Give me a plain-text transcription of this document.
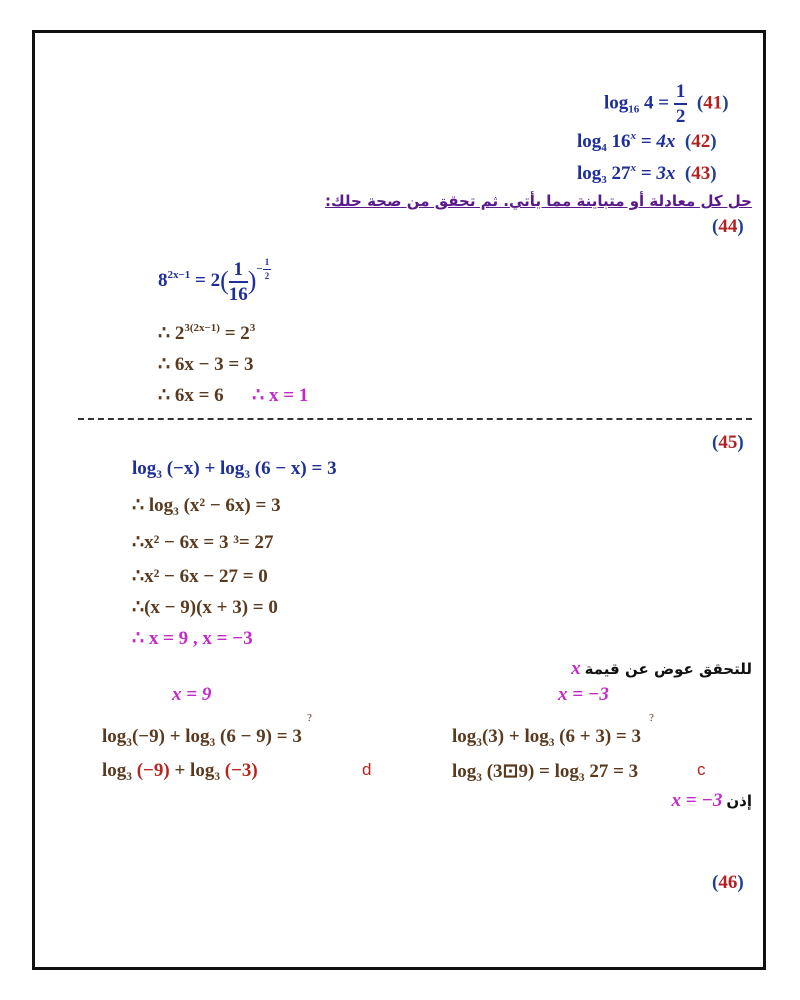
$\log_{16} 4 = \frac{1}{2} (41)$
$\log_4 16^x = 4x$ (42)
$\log_3 27^x = 3x$ (43)
حل كل معادلة أو متباينة مما يأتي. ثم تحقق من صحة حلك:
(44)
$8^{2x-1} = 2( \frac{1}{16} )^{- \frac{1}{2}}$
∴ $2^{3(2x-1)} = 2^3$
∴ 6x − 3 = 3
∴ 6x = 6 ∴ x = 1
(45)
log₃ (−x) + log₃ (6 − x) = 3
∴ log₃ (x² − 6x) = 3
∴x² − 6x = 3 ³= 27
∴x² − 6x − 27 = 0
∴(x − 9)(x + 3) = 0
∴ x = 9 , x = −3
x للتحقق عوض عن قيمة
x = 9	x = −3
log₃(−9) + log₃ (6 − 9) = 3
?
log₃ (−9) + log₃ (−3)	d
log₃(3) + log₃ (6 + 3) = 3
?
log₃ (3⊡9) = log₃ 27 = 3	c
x = −3 إذن
(46)
